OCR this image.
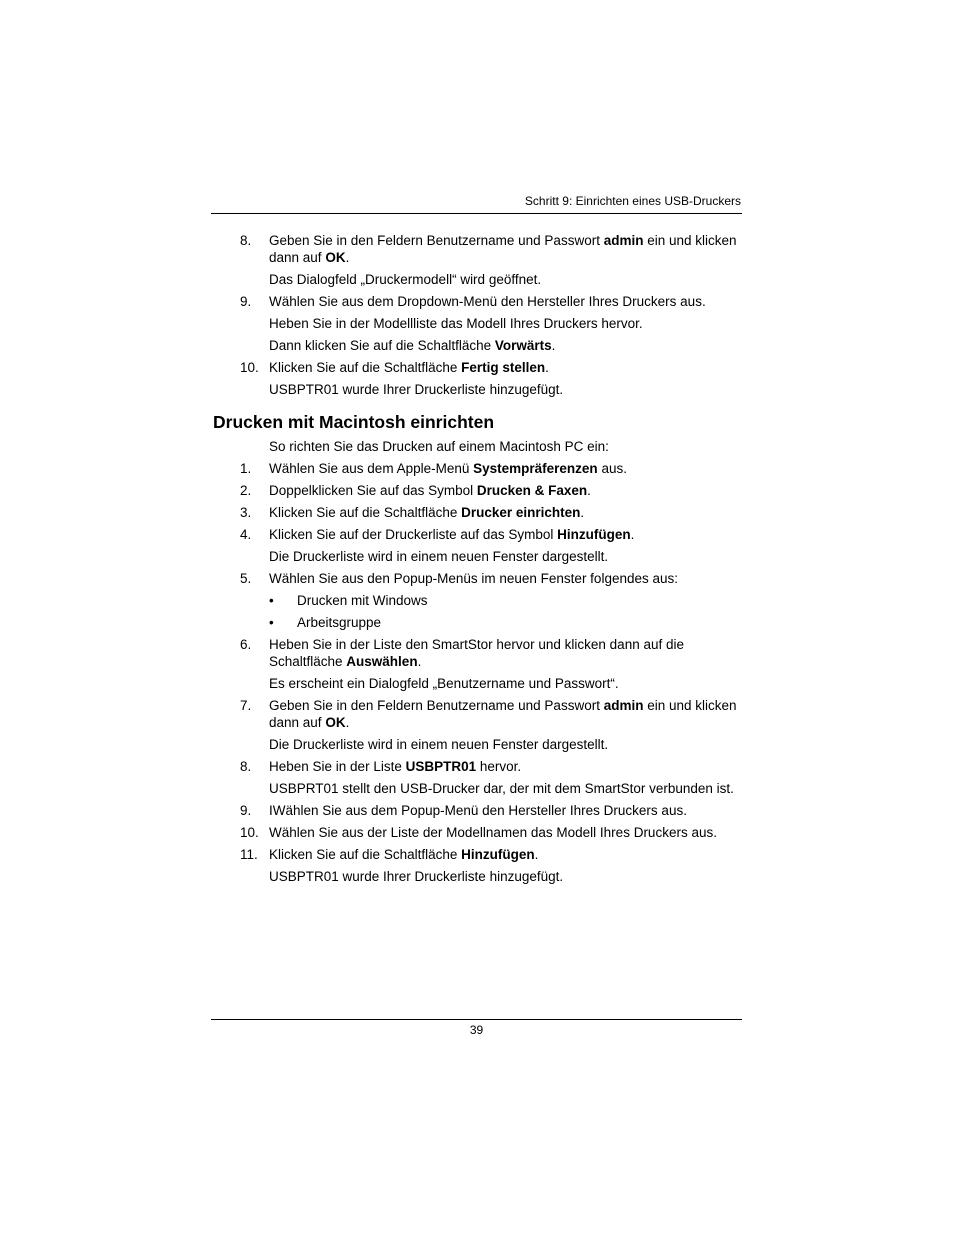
Schritt 9: Einrichten eines USB-Druckers
8. Geben Sie in den Feldern Benutzername und Passwort admin ein und klicken dann auf OK.
Das Dialogfeld „Druckermodell“ wird geöffnet.
9. Wählen Sie aus dem Dropdown-Menü den Hersteller Ihres Druckers aus.
Heben Sie in der Modellliste das Modell Ihres Druckers hervor.
Dann klicken Sie auf die Schaltfläche Vorwärts.
10. Klicken Sie auf die Schaltfläche Fertig stellen.
USBPTR01 wurde Ihrer Druckerliste hinzugefügt.
Drucken mit Macintosh einrichten
So richten Sie das Drucken auf einem Macintosh PC ein:
1. Wählen Sie aus dem Apple-Menü Systempräferenzen aus.
2. Doppelklicken Sie auf das Symbol Drucken & Faxen.
3. Klicken Sie auf die Schaltfläche Drucker einrichten.
4. Klicken Sie auf der Druckerliste auf das Symbol Hinzufügen.
Die Druckerliste wird in einem neuen Fenster dargestellt.
5. Wählen Sie aus den Popup-Menüs im neuen Fenster folgendes aus:
• Drucken mit Windows
• Arbeitsgruppe
6. Heben Sie in der Liste den SmartStor hervor und klicken dann auf die Schaltfläche Auswählen.
Es erscheint ein Dialogfeld „Benutzername und Passwort“.
7. Geben Sie in den Feldern Benutzername und Passwort admin ein und klicken dann auf OK.
Die Druckerliste wird in einem neuen Fenster dargestellt.
8. Heben Sie in der Liste USBPTR01 hervor.
USBPRT01 stellt den USB-Drucker dar, der mit dem SmartStor verbunden ist.
9. IWählen Sie aus dem Popup-Menü den Hersteller Ihres Druckers aus.
10. Wählen Sie aus der Liste der Modellnamen das Modell Ihres Druckers aus.
11. Klicken Sie auf die Schaltfläche Hinzufügen.
USBPTR01 wurde Ihrer Druckerliste hinzugefügt.
39
